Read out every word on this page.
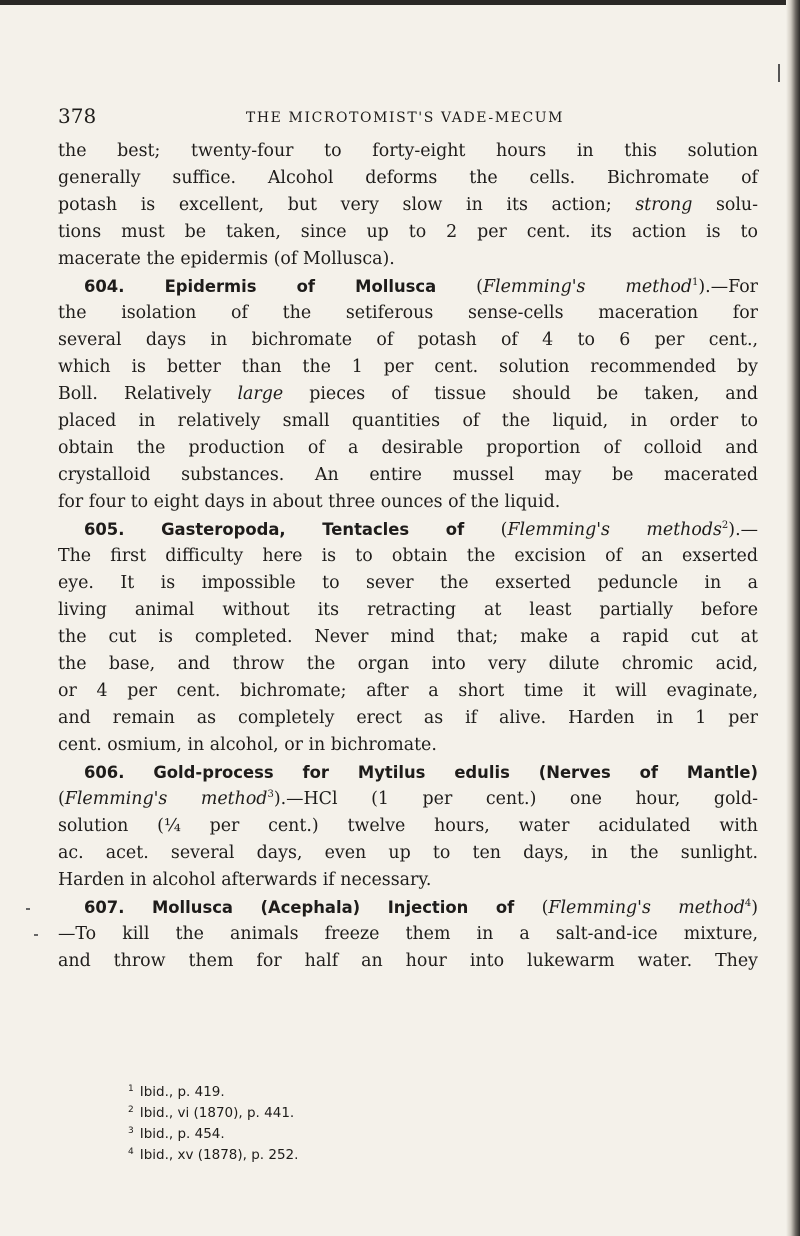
378	THE MICROTOMIST'S VADE-MECUM
the best; twenty-four to forty-eight hours in this solution
generally suffice. Alcohol deforms the cells. Bichromate of
potash is excellent, but very slow in its action; strong solu-
tions must be taken, since up to 2 per cent. its action is to
macerate the epidermis (of Mollusca).
604. Epidermis of Mollusca (Flemming's method$^1$).—For
the isolation of the setiferous sense-cells maceration for
several days in bichromate of potash of 4 to 6 per cent.,
which is better than the 1 per cent. solution recommended by
Boll. Relatively large pieces of tissue should be taken, and
placed in relatively small quantities of the liquid, in order to
obtain the production of a desirable proportion of colloid and
crystalloid substances. An entire mussel may be macerated
for four to eight days in about three ounces of the liquid.
605. Gasteropoda, Tentacles of (Flemming's methods$^2$).—
The first difficulty here is to obtain the excision of an exserted
eye. It is impossible to sever the exserted peduncle in a
living animal without its retracting at least partially before
the cut is completed. Never mind that; make a rapid cut at
the base, and throw the organ into very dilute chromic acid,
or 4 per cent. bichromate; after a short time it will evaginate,
and remain as completely erect as if alive. Harden in 1 per
cent. osmium, in alcohol, or in bichromate.
606. Gold-process for Mytilus edulis (Nerves of Mantle)
(Flemming's method$^3$).—HCl (1 per cent.) one hour, gold-
solution (¼ per cent.) twelve hours, water acidulated with
ac. acet. several days, even up to ten days, in the sunlight.
Harden in alcohol afterwards if necessary.
607. Mollusca (Acephala) Injection of (Flemming's method$^4$)
—To kill the animals freeze them in a salt-and-ice mixture,
and throw them for half an hour into lukewarm water. They
$^1$ Ibid., p. 419.
$^2$ Ibid., vi (1870), p. 441.
$^3$ Ibid., p. 454.
$^4$ Ibid., xv (1878), p. 252.
